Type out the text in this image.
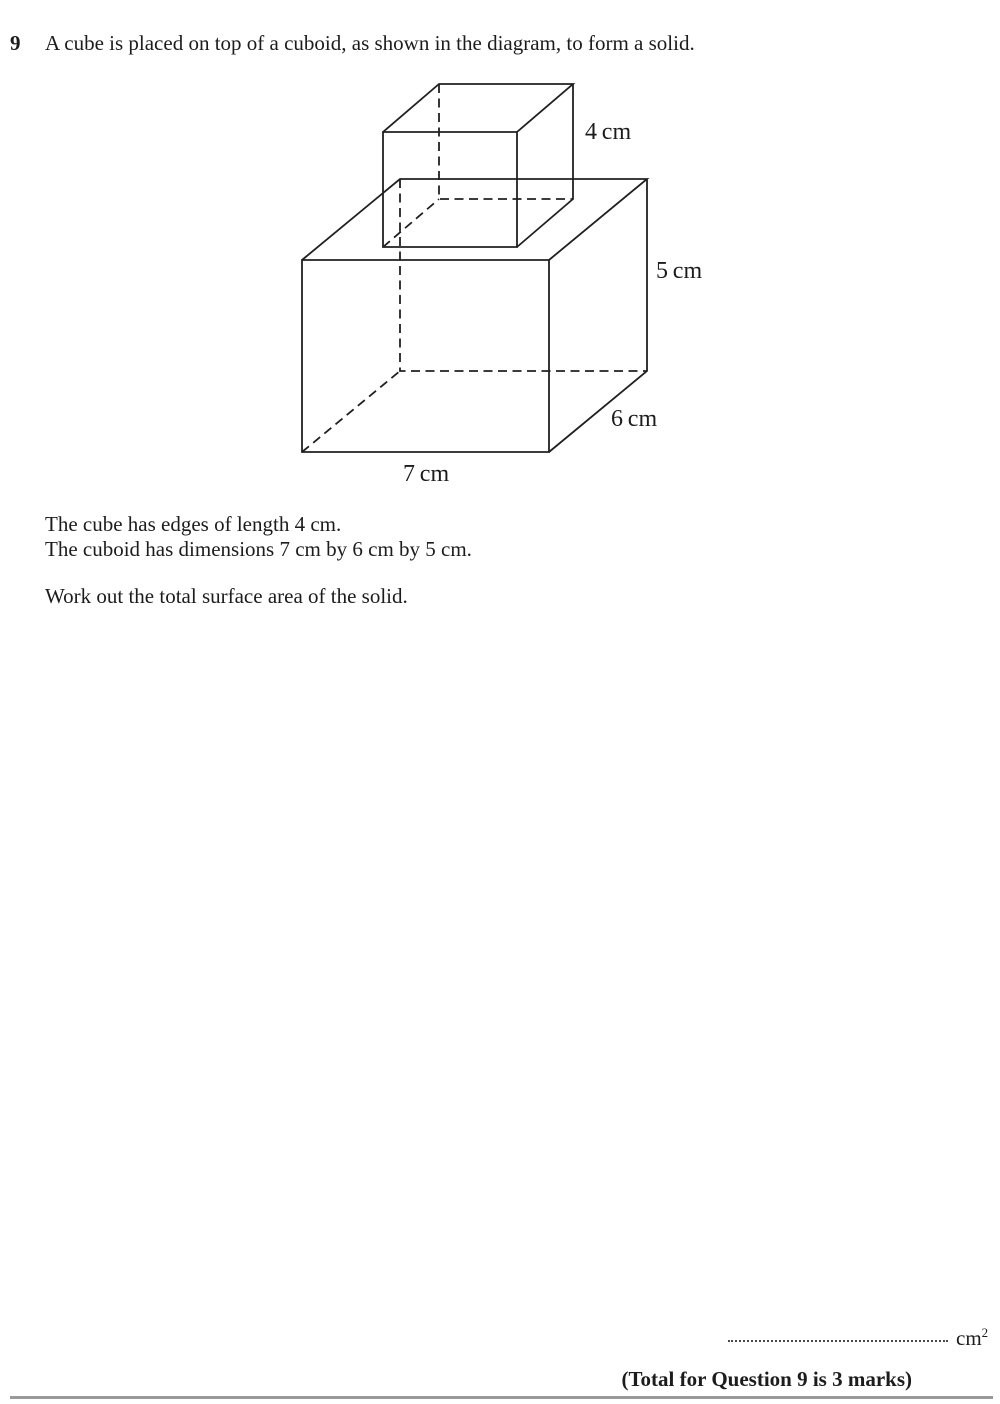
9 A cube is placed on top of a cuboid, as shown in the diagram, to form a solid.
4 cm
5 cm
6 cm
7 cm
The cube has edges of length 4 cm.
The cuboid has dimensions 7 cm by 6 cm by 5 cm.
Work out the total surface area of the solid.
$cm^2$
(Total for Question 9 is 3 marks)
